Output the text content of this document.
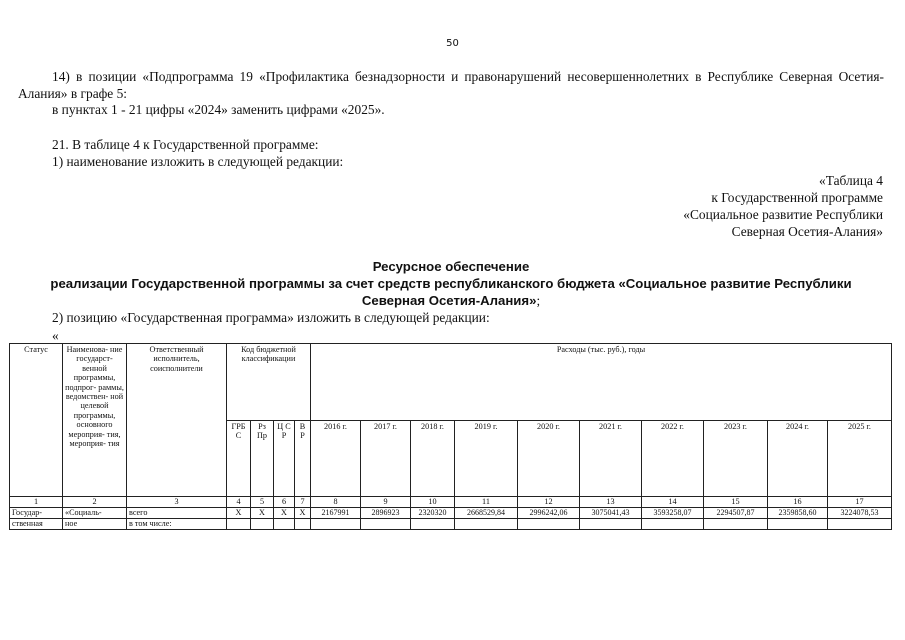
50
14) в позиции «Подпрограмма 19 «Профилактика безнадзорности и правонарушений несовершеннолетних в Республике Северная Осетия-Алания» в графе 5:
в пунктах 1 - 21 цифры «2024» заменить цифрами «2025».
21. В таблице 4 к Государственной программе:
1) наименование изложить в следующей редакции:
«Таблица 4
к Государственной программе
«Социальное развитие Республики
Северная Осетия-Алания»
Ресурсное обеспечение
реализации Государственной программы за счет средств республиканского бюджета «Социальное развитие Республики
Северная Осетия-Алания»;
2) позицию «Государственная программа» изложить в следующей редакции:
«
Статус	Наименова- ние государст- венной программы, подпрог- раммы, ведомствен- ной целевой программы, основного мероприя- тия, мероприя- тия	Ответственный исполнитель, соисполнители	Код бюджетной классификации				Расходы (тыс. руб.), годы									
			ГРБ С	Рз Пр	Ц С Р	В Р	2016 г.	2017 г.	2018 г.	2019 г.	2020 г.	2021 г.	2022 г.	2023 г.	2024 г.	2025 г.
1	2	3	4	5	6	7	8	9	10	11	12	13	14	15	16	17
Государ-	«Социаль-	всего	Х	Х	Х	Х	2167991	2896923	2320320	2668529,84	2996242,06	3075041,43	3593258,07	2294507,87	2359858,60	3224078,53
ственная	ное	в том числе:														
